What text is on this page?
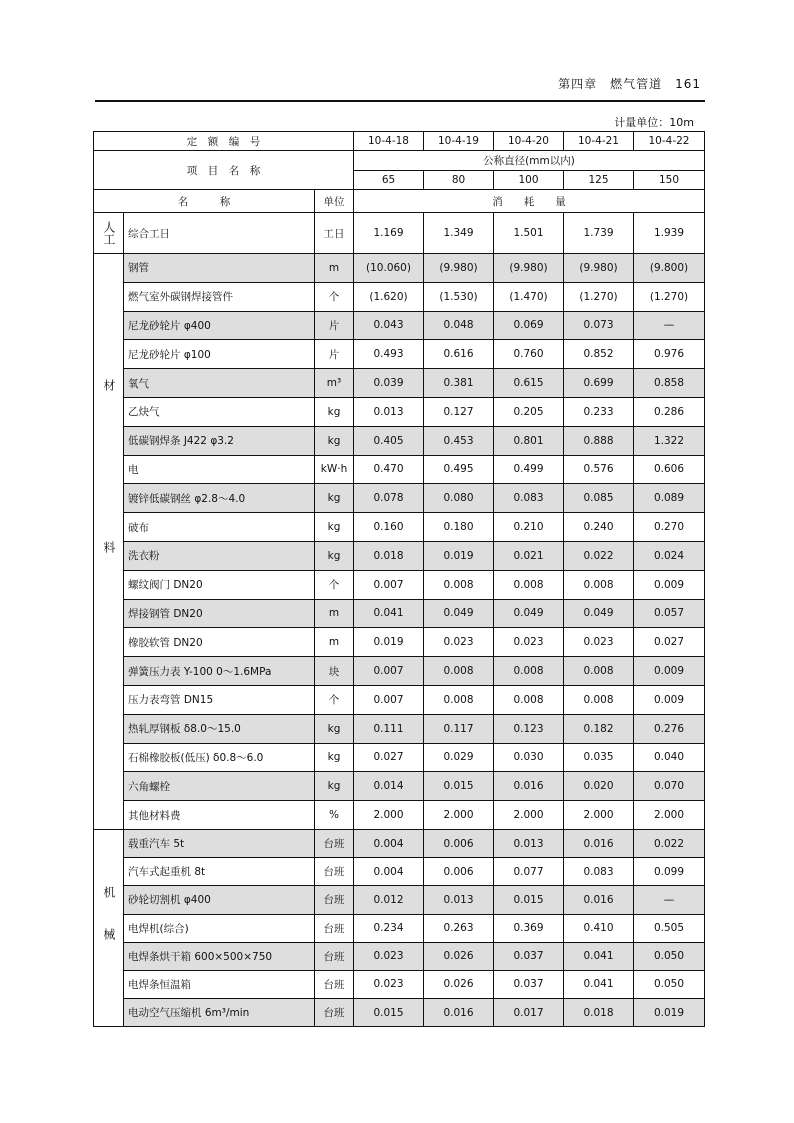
第四章　燃气管道　161
计量单位：10m
定　额　编　号			10-4-18	10-4-19	10-4-20	10-4-21	10-4-22
项　目　名　称			公称直径(mm以内)				
			65	80	100	125	150
名　　　称		单位	消　　耗　　量				
人工	综合工日	工日	1.169	1.349	1.501	1.739	1.939
材料	钢管	m	(10.060)	(9.980)	(9.980)	(9.980)	(9.800)
	燃气室外碳钢焊接管件	个	(1.620)	(1.530)	(1.470)	(1.270)	(1.270)
	尼龙砂轮片 φ400	片	0.043	0.048	0.069	0.073	—
	尼龙砂轮片 φ100	片	0.493	0.616	0.760	0.852	0.976
	氧气	m³	0.039	0.381	0.615	0.699	0.858
	乙炔气	kg	0.013	0.127	0.205	0.233	0.286
	低碳钢焊条 J422 φ3.2	kg	0.405	0.453	0.801	0.888	1.322
	电	kW·h	0.470	0.495	0.499	0.576	0.606
	镀锌低碳钢丝 φ2.8～4.0	kg	0.078	0.080	0.083	0.085	0.089
	破布	kg	0.160	0.180	0.210	0.240	0.270
	洗衣粉	kg	0.018	0.019	0.021	0.022	0.024
	螺纹阀门 DN20	个	0.007	0.008	0.008	0.008	0.009
	焊接钢管 DN20	m	0.041	0.049	0.049	0.049	0.057
	橡胶软管 DN20	m	0.019	0.023	0.023	0.023	0.027
	弹簧压力表 Y-100 0～1.6MPa	块	0.007	0.008	0.008	0.008	0.009
	压力表弯管 DN15	个	0.007	0.008	0.008	0.008	0.009
	热轧厚钢板 δ8.0～15.0	kg	0.111	0.117	0.123	0.182	0.276
	石棉橡胶板(低压) δ0.8～6.0	kg	0.027	0.029	0.030	0.035	0.040
	六角螺栓	kg	0.014	0.015	0.016	0.020	0.070
	其他材料费	%	2.000	2.000	2.000	2.000	2.000
机械	载重汽车 5t	台班	0.004	0.006	0.013	0.016	0.022
	汽车式起重机 8t	台班	0.004	0.006	0.077	0.083	0.099
	砂轮切割机 φ400	台班	0.012	0.013	0.015	0.016	—
	电焊机(综合)	台班	0.234	0.263	0.369	0.410	0.505
	电焊条烘干箱 600×500×750	台班	0.023	0.026	0.037	0.041	0.050
	电焊条恒温箱	台班	0.023	0.026	0.037	0.041	0.050
	电动空气压缩机 6m³/min	台班	0.015	0.016	0.017	0.018	0.019
